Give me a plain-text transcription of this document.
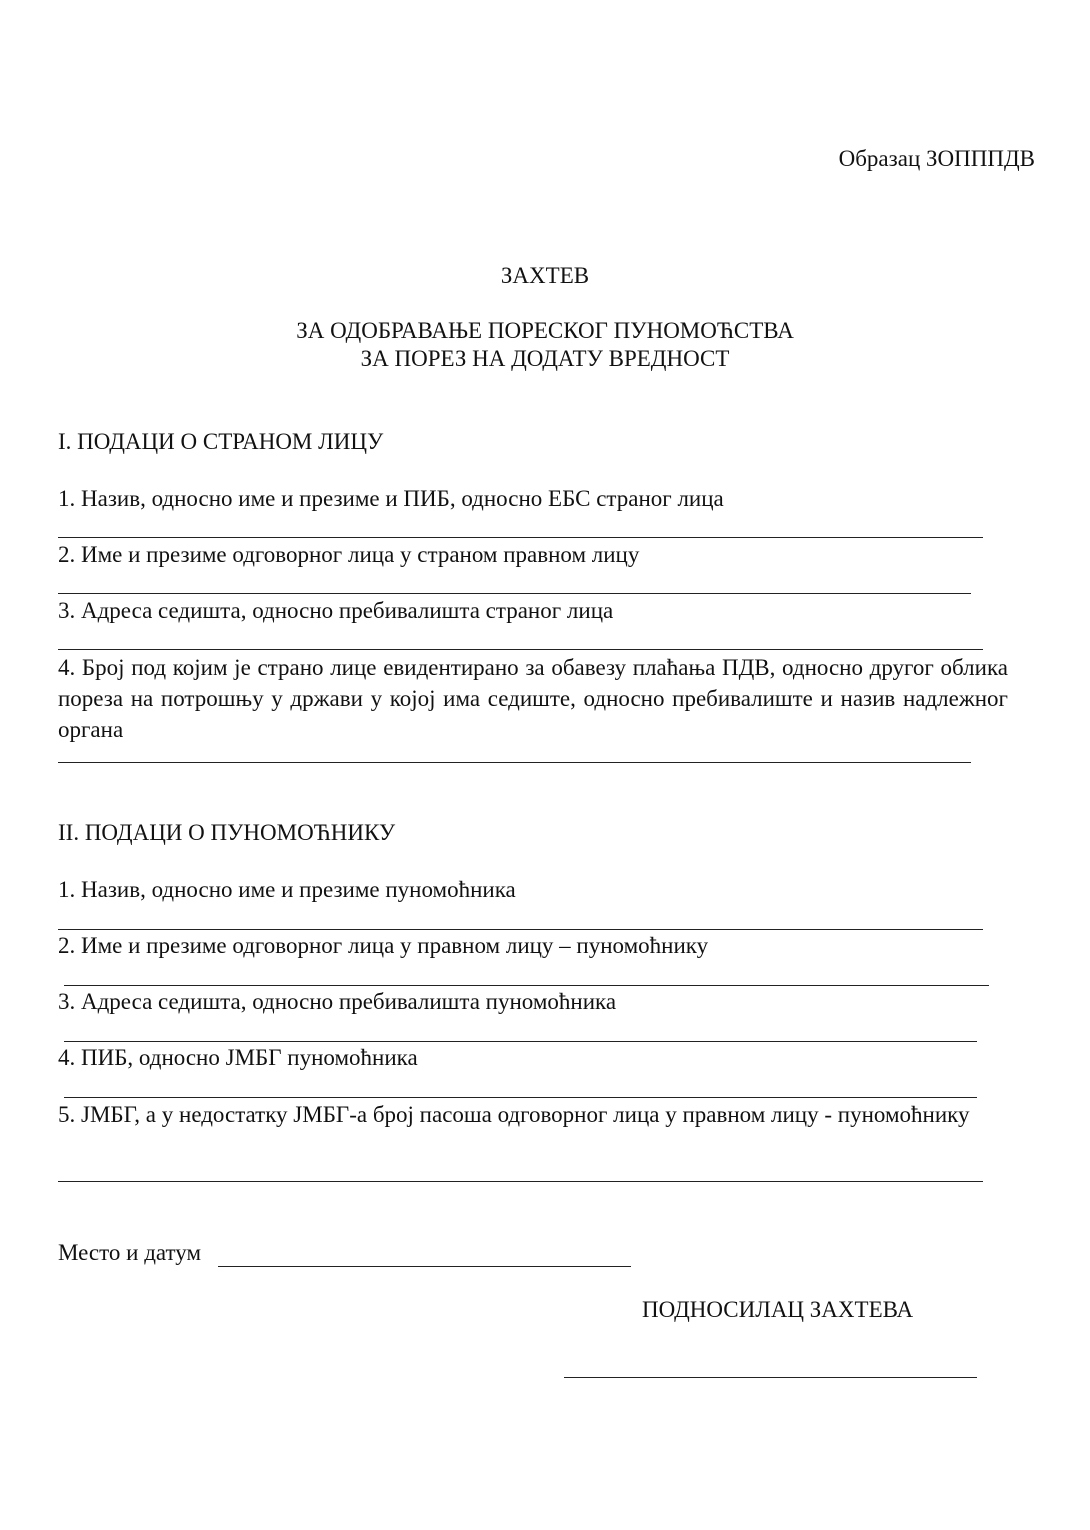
Образац ЗОПППДВ
ЗАХТЕВ
ЗА ОДОБРАВАЊЕ ПОРЕСКОГ ПУНОМОЋСТВА
ЗА ПОРЕЗ НА ДОДАТУ ВРЕДНОСТ
I. ПОДАЦИ О СТРАНОМ ЛИЦУ
1. Назив, односно име и презиме и ПИБ, односно ЕБС страног лица
2. Име и презиме одговорног лица у страном правном лицу
3. Адреса седишта, односно пребивалишта страног лица
4. Број под којим је страно лице евидентирано за обавезу плаћања ПДВ, односно другог облика пореза на потрошњу у држави у којој има седиште, односно пребивалиште и назив надлежног органа
II. ПОДАЦИ О ПУНОМОЋНИКУ
1. Назив, односно име и презиме пуномоћника
2. Име и презиме одговорног лица у правном лицу – пуномоћнику
3. Адреса седишта, односно пребивалишта пуномоћника
4. ПИБ, односно ЈМБГ пуномоћника
5. ЈМБГ, а у недостатку ЈМБГ-а број пасоша одговорног лица у правном лицу - пуномоћнику
Место и датум
ПОДНОСИЛАЦ ЗАХТЕВА
